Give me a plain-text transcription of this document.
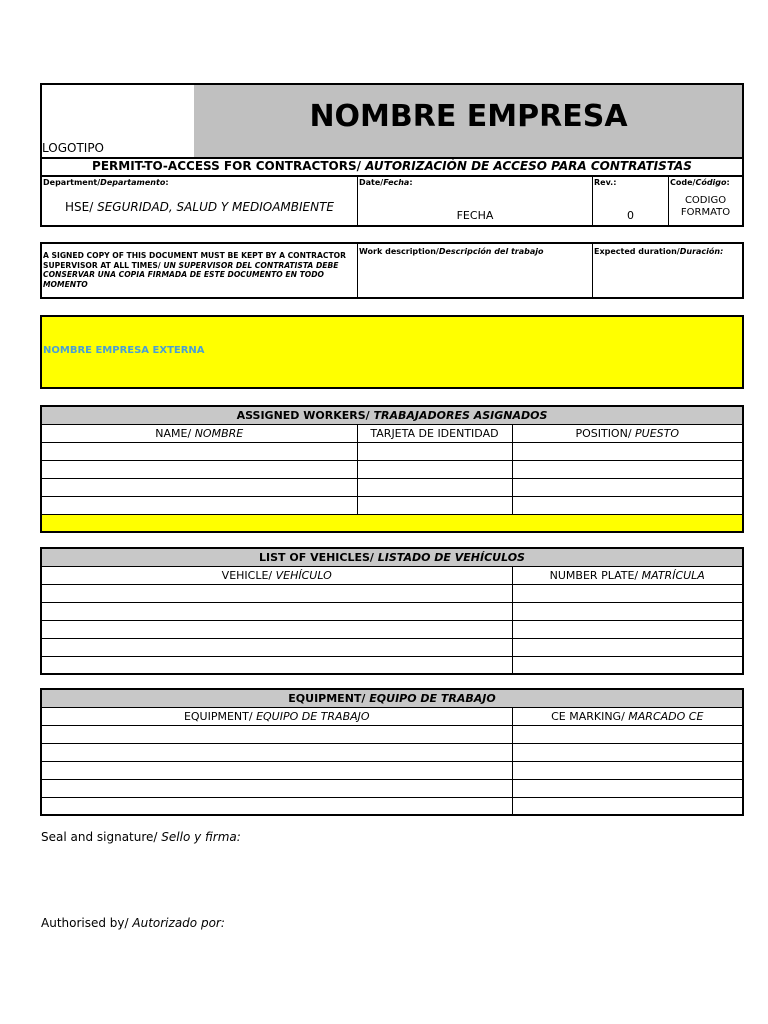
LOGOTIPO
NOMBRE EMPRESA
PERMIT-TO-ACCESS FOR CONTRACTORS/ AUTORIZACIÓN DE ACCESO PARA CONTRATISTAS
Department/Departamento:
HSE/ SEGURIDAD, SALUD Y MEDIOAMBIENTE
Date/Fecha:
FECHA
Rev.:
0
Code/Código:
CODIGO
FORMATO
A SIGNED COPY OF THIS DOCUMENT MUST BE KEPT BY A CONTRACTOR SUPERVISOR AT ALL TIMES/ UN SUPERVISOR DEL CONTRATISTA DEBE CONSERVAR UNA COPIA FIRMADA DE ESTE DOCUMENTO EN TODO MOMENTO
Work description/Descripción del trabajo	Expected duration/Duración:
NOMBRE EMPRESA EXTERNA
ASSIGNED WORKERS/ TRABAJADORES ASIGNADOS		
NAME/ NOMBRE	TARJETA DE IDENTIDAD	POSITION/ PUESTO

LIST OF VEHICLES/ LISTADO DE VEHÍCULOS	
VEHICLE/ VEHÍCULO	NUMBER PLATE/ MATRÍCULA

EQUIPMENT/ EQUIPO DE TRABAJO	
EQUIPMENT/ EQUIPO DE TRABAJO	CE MARKING/ MARCADO CE

Seal and signature/ Sello y firma:
Authorised by/ Autorizado por:
